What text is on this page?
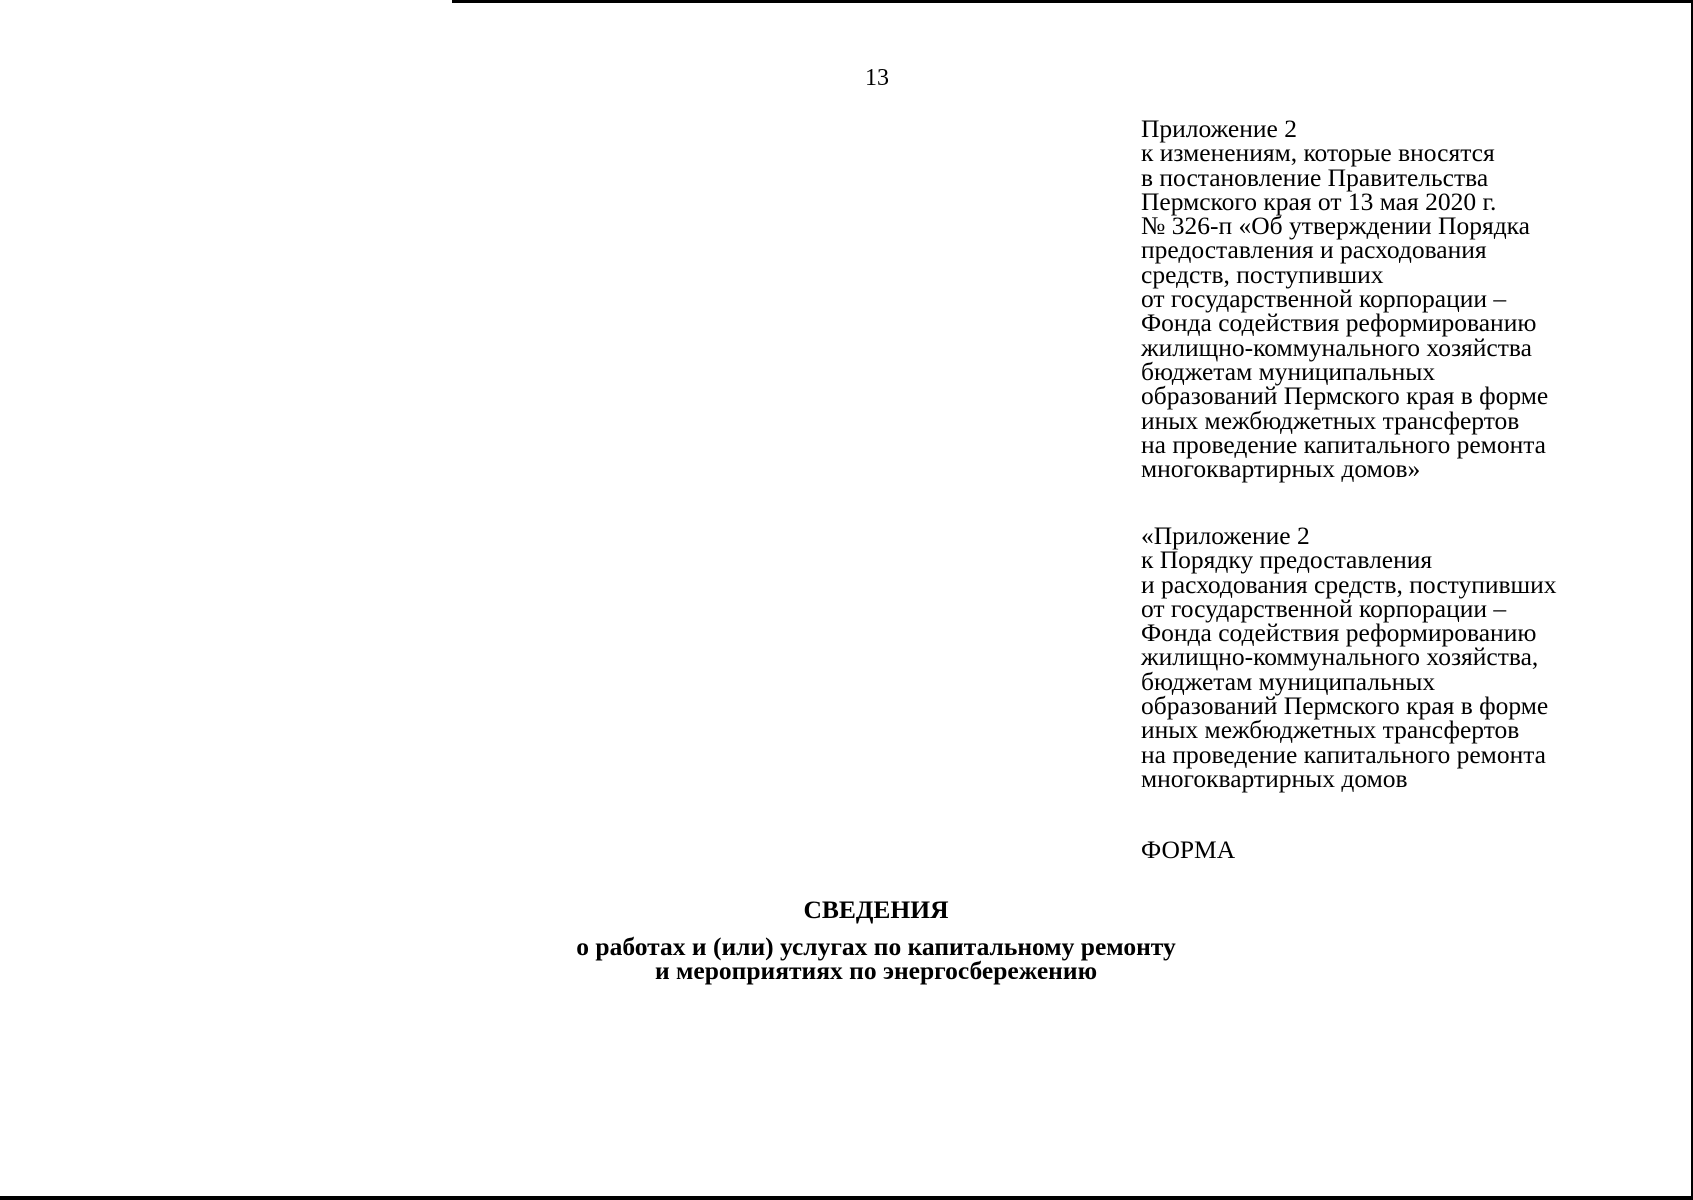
13
Приложение 2
к изменениям, которые вносятся
в постановление Правительства
Пермского края от 13 мая 2020 г.
№ 326-п «Об утверждении Порядка
предоставления и расходования
средств, поступивших
от государственной корпорации –
Фонда содействия реформированию
жилищно-коммунального хозяйства
бюджетам муниципальных
образований Пермского края в форме
иных межбюджетных трансфертов
на проведение капитального ремонта
многоквартирных домов»
«Приложение 2
к Порядку предоставления
и расходования средств, поступивших
от государственной корпорации –
Фонда содействия реформированию
жилищно-коммунального хозяйства,
бюджетам муниципальных
образований Пермского края в форме
иных межбюджетных трансфертов
на проведение капитального ремонта
многоквартирных домов
ФОРМА
СВЕДЕНИЯ
о работах и (или) услугах по капитальному ремонту
и мероприятиях по энергосбережению
